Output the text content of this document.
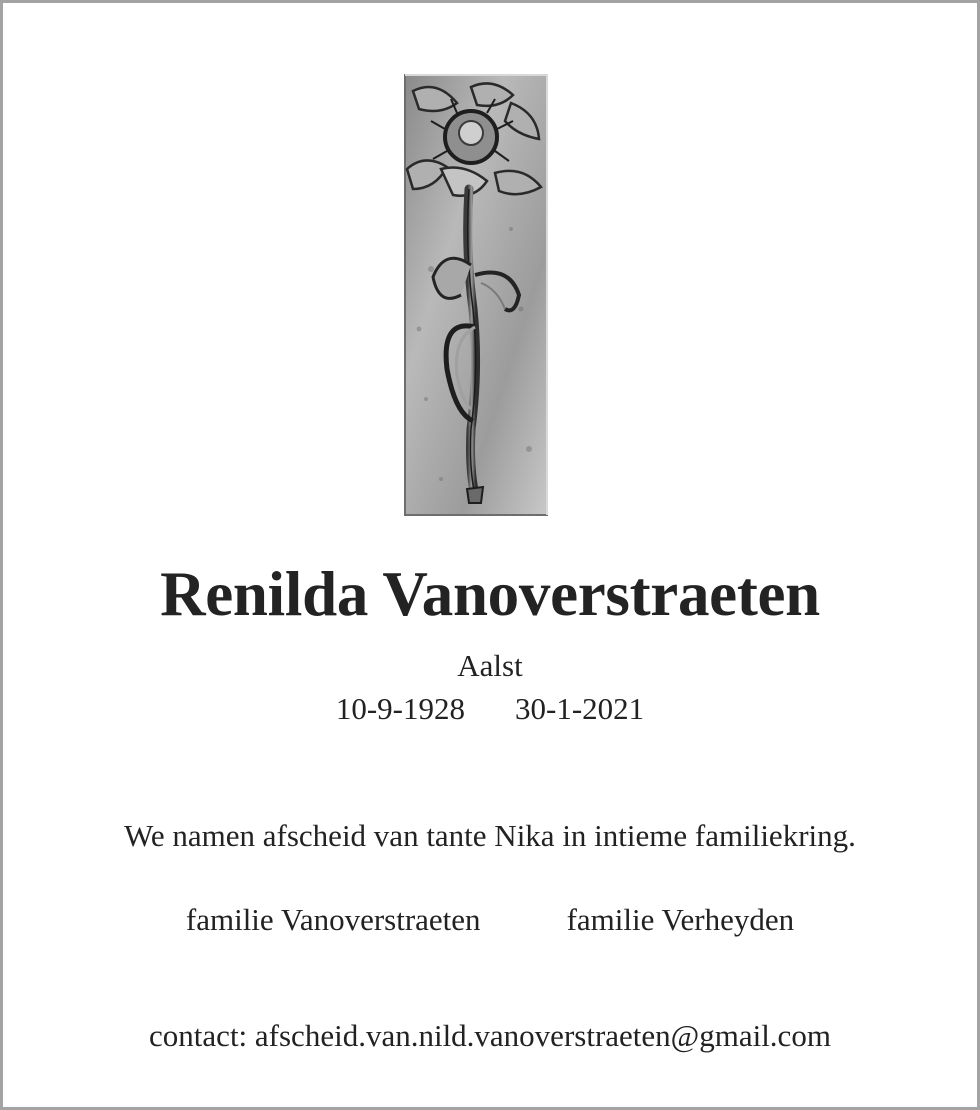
Renilda Vanoverstraeten
Aalst
10-9-1928 30-1-2021
We namen afscheid van tante Nika in intieme familiekring.
familie Vanoverstraeten	familie Verheyden
contact: afscheid.van.nild.vanoverstraeten@gmail.com
